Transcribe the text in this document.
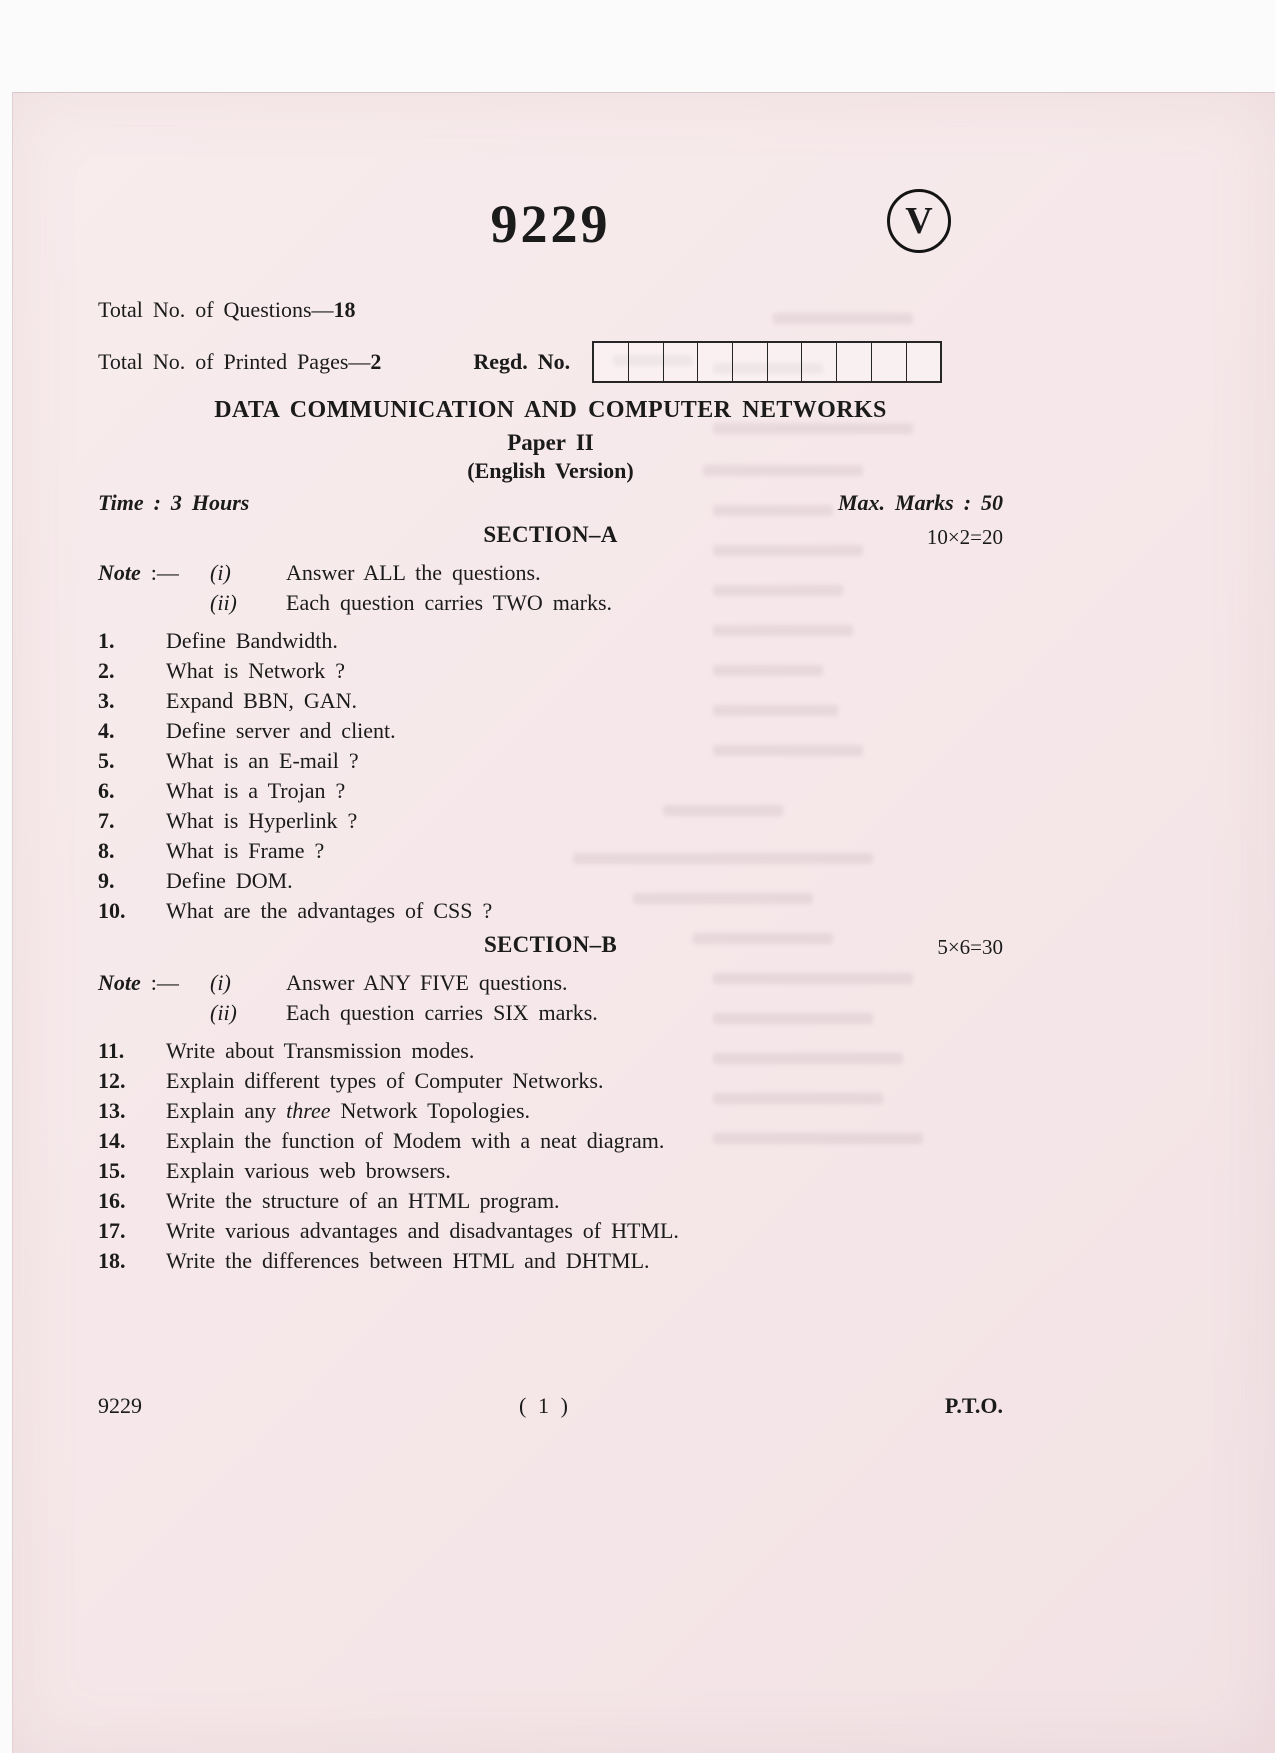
9229	V
Total No. of Questions—18
Total No. of Printed Pages—2	Regd. No.
DATA COMMUNICATION AND COMPUTER NETWORKS
Paper II
(English Version)
Time : 3 Hours	Max. Marks : 50
SECTION–A	10×2=20
Note :—	(i)	Answer ALL the questions.
(ii)	Each question carries TWO marks.
1.	Define Bandwidth.
2.	What is Network ?
3.	Expand BBN, GAN.
4.	Define server and client.
5.	What is an E-mail ?
6.	What is a Trojan ?
7.	What is Hyperlink ?
8.	What is Frame ?
9.	Define DOM.
10.	What are the advantages of CSS ?
SECTION–B	5×6=30
Note :—	(i)	Answer ANY FIVE questions.
(ii)	Each question carries SIX marks.
11.	Write about Transmission modes.
12.	Explain different types of Computer Networks.
13.	Explain any three Network Topologies.
14.	Explain the function of Modem with a neat diagram.
15.	Explain various web browsers.
16.	Write the structure of an HTML program.
17.	Write various advantages and disadvantages of HTML.
18.	Write the differences between HTML and DHTML.
9229	( 1 )	P.T.O.
